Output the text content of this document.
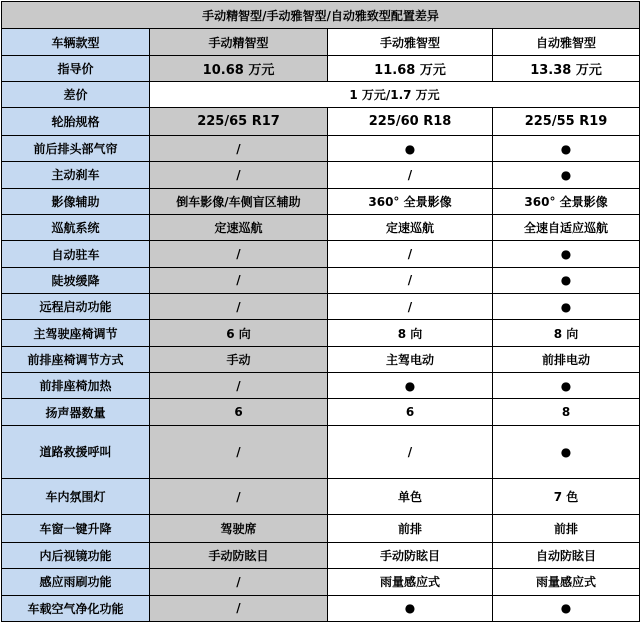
手动精智型/手动雅智型/自动雅致型配置差异			
车辆款型	手动精智型	手动雅智型	自动雅智型
指导价	10.68 万元	11.68 万元	13.38 万元
差价	1 万元/1.7 万元		
轮胎规格	225/65 R17	225/60 R18	225/55 R19
前后排头部气帘	/	●	●
主动刹车	/	/	●
影像辅助	倒车影像/车侧盲区辅助	360° 全景影像	360° 全景影像
巡航系统	定速巡航	定速巡航	全速自适应巡航
自动驻车	/	/	●
陡坡缓降	/	/	●
远程启动功能	/	/	●
主驾驶座椅调节	6 向	8 向	8 向
前排座椅调节方式	手动	主驾电动	前排电动
前排座椅加热	/	●	●
扬声器数量	6	6	8
道路救援呼叫	/	/	●
车内氛围灯	/	单色	7 色
车窗一键升降	驾驶席	前排	前排
内后视镜功能	手动防眩目	手动防眩目	自动防眩目
感应雨刷功能	/	雨量感应式	雨量感应式
车载空气净化功能	/	●	●
